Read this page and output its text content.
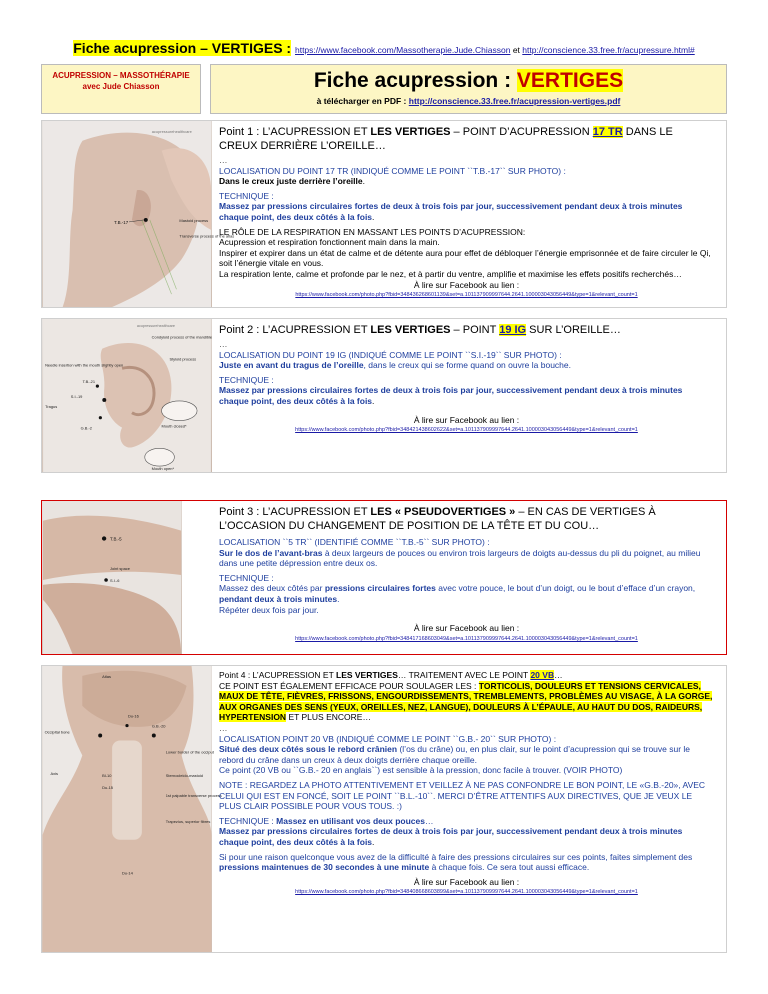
Fiche acupression – VERTIGES : https://www.facebook.com/Massotherapie.Jude.Chiasson et http://conscience.33.free.fr/acupressure.html#
ACUPRESSION – MASSOTHÉRAPIE
avec Jude Chiasson	Fiche acupression : VERTIGES
à télécharger en PDF : http://conscience.33.free.fr/acupression-vertiges.pdf
acupressurehealthcare
T.B.-17	Mastoid process
Transverse process of the atlas

Point 1 : L’ACUPRESSION ET LES VERTIGES – POINT D’ACUPRESSION 17 TR DANS LE CREUX DERRIÈRE L’OREILLE…

…

LOCALISATION DU POINT 17 TR (INDIQUÉ COMME LE POINT ``T.B.-17`` SUR PHOTO) :

Dans le creux juste derrière l’oreille.

TECHNIQUE :

Massez par pressions circulaires fortes de deux à trois fois par jour, successivement pendant deux à trois minutes chaque point, des deux côtés à la fois.

LE RÔLE DE LA RESPIRATION EN MASSANT LES POINTS D’ACUPRESSION:

Acupression et respiration fonctionnent main dans la main.

Inspirer et expirer dans un état de calme et de détente aura pour effet de débloquer l’énergie emprisonnée et de faire circuler le Qi, soit l’énergie vitale en vous.

La respiration lente, calme et profonde par le nez, et à partir du ventre, amplifie et maximise les effets positifs recherchés…

À lire sur Facebook au lien :

https://www.facebook.com/photo.php?fbid=348436268601139&set=a.101137909997644.2641.100003043056449&type=1&relevant_count=1
acupressurehealthcare
Condyloid process of the mandible
Styloid process
Needle insertion with the mouth slightly open
T.B.-21
S.I.-19
Tragus
G.B.-2	Mouth closed*
Mouth open*

Point 2 : L’ACUPRESSION ET LES VERTIGES – POINT 19 IG SUR L’OREILLE…

…

LOCALISATION DU POINT 19 IG (INDIQUÉ COMME LE POINT ``S.I.-19`` SUR PHOTO) :

Juste en avant du tragus de l’oreille, dans le creux qui se forme quand on ouvre la bouche.

TECHNIQUE :

Massez par pressions circulaires fortes de deux à trois fois par jour, successivement pendant deux à trois minutes chaque point, des deux côtés à la fois.

À lire sur Facebook au lien :

https://www.facebook.com/photo.php?fbid=348421438602622&set=a.101137909997644.2641.100003043056449&type=1&relevant_count=1
T.B.-5
Joint space
S.I.-6

Point 3 : L’ACUPRESSION ET LES « PSEUDOVERTIGES » – EN CAS DE VERTIGES À L’OCCASION DU CHANGEMENT DE POSITION DE LA TÊTE ET DU COU…

LOCALISATION ``5 TR`` (IDENTIFIÉ COMME ``T.B.-5`` SUR PHOTO) :

Sur le dos de l’avant-bras à deux largeurs de pouces ou environ trois largeurs de doigts au-dessus du pli du poignet, au milieu dans une petite dépression entre deux os.

TECHNIQUE :

Massez des deux côtés par pressions circulaires fortes avec votre pouce, le bout d’un doigt, ou le bout d’efface d’un crayon, pendant deux à trois minutes.

Répéter deux fois par jour.

À lire sur Facebook au lien :

https://www.facebook.com/photo.php?fbid=348417168603049&set=a.101137909997644.2641.100003043056449&type=1&relevant_count=1
Atlas
Du-16
G.B.-20
Occipital bone
Axis	Bl-10
Du-15
Lower border of the occiput
Sternocleido-mastoid
1st palpable transverse process
Trapezius, superior fibres
Du-14

Point 4 : L’ACUPRESSION ET LES VERTIGES… TRAITEMENT AVEC LE POINT 20 VB…

CE POINT EST ÉGALEMENT EFFICACE POUR SOULAGER LES : TORTICOLIS, DOULEURS ET TENSIONS CERVICALES, MAUX DE TÊTE, FIÈVRES, FRISSONS, ENGOURDISSEMENTS, TREMBLEMENTS, PROBLÈMES AU VISAGE, À LA GORGE, AUX ORGANES DES SENS (YEUX, OREILLES, NEZ, LANGUE), DOULEURS À L’ÉPAULE, AU HAUT DU DOS, RAIDEURS, HYPERTENSION ET PLUS ENCORE…

…

LOCALISATION POINT 20 VB (INDIQUÉ COMME LE POINT ``G.B.- 20`` SUR PHOTO) :

Situé des deux côtés sous le rebord crânien (l’os du crâne) ou, en plus clair, sur le point d’acupression qui se trouve sur le rebord du crâne dans un creux à deux doigts derrière chaque oreille.

Ce point (20 VB ou ``G.B.- 20 en anglais``) est sensible à la pression, donc facile à trouver. (VOIR PHOTO)

NOTE : REGARDEZ LA PHOTO ATTENTIVEMENT ET VEILLEZ À NE PAS CONFONDRE LE BON POINT, LE «G.B.-20», AVEC CELUI QUI EST EN FONCÉ, SOIT LE POINT ``B.L.-10``. MERCI D’ÊTRE ATTENTIFS AUX DIRECTIVES, QUE JE VEUX LE PLUS CLAIR POSSIBLE POUR VOUS TOUS. :)

TECHNIQUE : Massez en utilisant vos deux pouces…

Massez par pressions circulaires fortes de deux à trois fois par jour, successivement pendant deux à trois minutes chaque point, des deux côtés à la fois.

Si pour une raison quelconque vous avez de la difficulté à faire des pressions circulaires sur ces points, faites simplement des pressions maintenues de 30 secondes à une minute à chaque fois. Ce sera tout aussi efficace.

À lire sur Facebook au lien :

https://www.facebook.com/photo.php?fbid=348408668603899&set=a.101137909997644.2641.100003043056449&type=1&relevant_count=1
